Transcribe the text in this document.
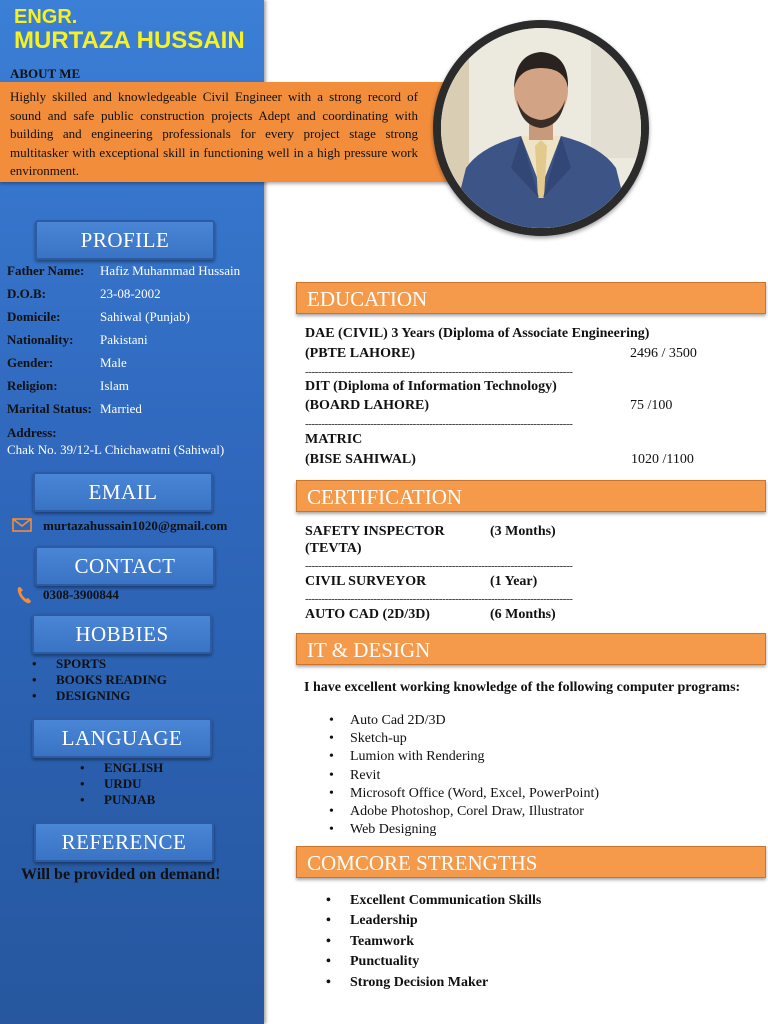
ENGR.
MURTAZA HUSSAIN
ABOUT ME
Highly skilled and knowledgeable Civil Engineer with a strong record of sound and safe public construction projects Adept and coordinating with building and engineering professionals for every project stage strong multitasker with exceptional skill in functioning well in a high pressure work environment.
PROFILE
Father Name: Hafiz Muhammad Hussain
D.O.B:	23-08-2002
Domicile:	Sahiwal (Punjab)
Nationality: Pakistani
Gender:	Male
Religion:	Islam
Marital Status: Married
Address:
Chak No. 39/12-L Chichawatni (Sahiwal)
EMAIL
murtazahussain1020@gmail.com
CONTACT
0308-3900844
HOBBIES
• SPORTS
• BOOKS READING
• DESIGNING
LANGUAGE
• ENGLISH
• URDU
• PUNJAB
REFERENCE
Will be provided on demand!
EDUCATION
DAE (CIVIL) 3 Years (Diploma of Associate Engineering)
(PBTE LAHORE)	2496 / 3500
----------------------------------------------------------------------------------
DIT (Diploma of Information Technology)
(BOARD LAHORE)	75 /100
----------------------------------------------------------------------------------
MATRIC
(BISE SAHIWAL)	1020 /1100
CERTIFICATION
SAFETY INSPECTOR	(3 Months)
(TEVTA)
----------------------------------------------------------------------------------
CIVIL SURVEYOR	(1 Year)
----------------------------------------------------------------------------------
AUTO CAD (2D/3D)	(6 Months)
IT & DESIGN
I have excellent working knowledge of the following computer programs:
• Auto Cad 2D/3D
• Sketch-up
• Lumion with Rendering
• Revit
• Microsoft Office (Word, Excel, PowerPoint)
• Adobe Photoshop, Corel Draw, Illustrator
• Web Designing
COMCORE STRENGTHS
• Excellent Communication Skills
• Leadership
• Teamwork
• Punctuality
• Strong Decision Maker
